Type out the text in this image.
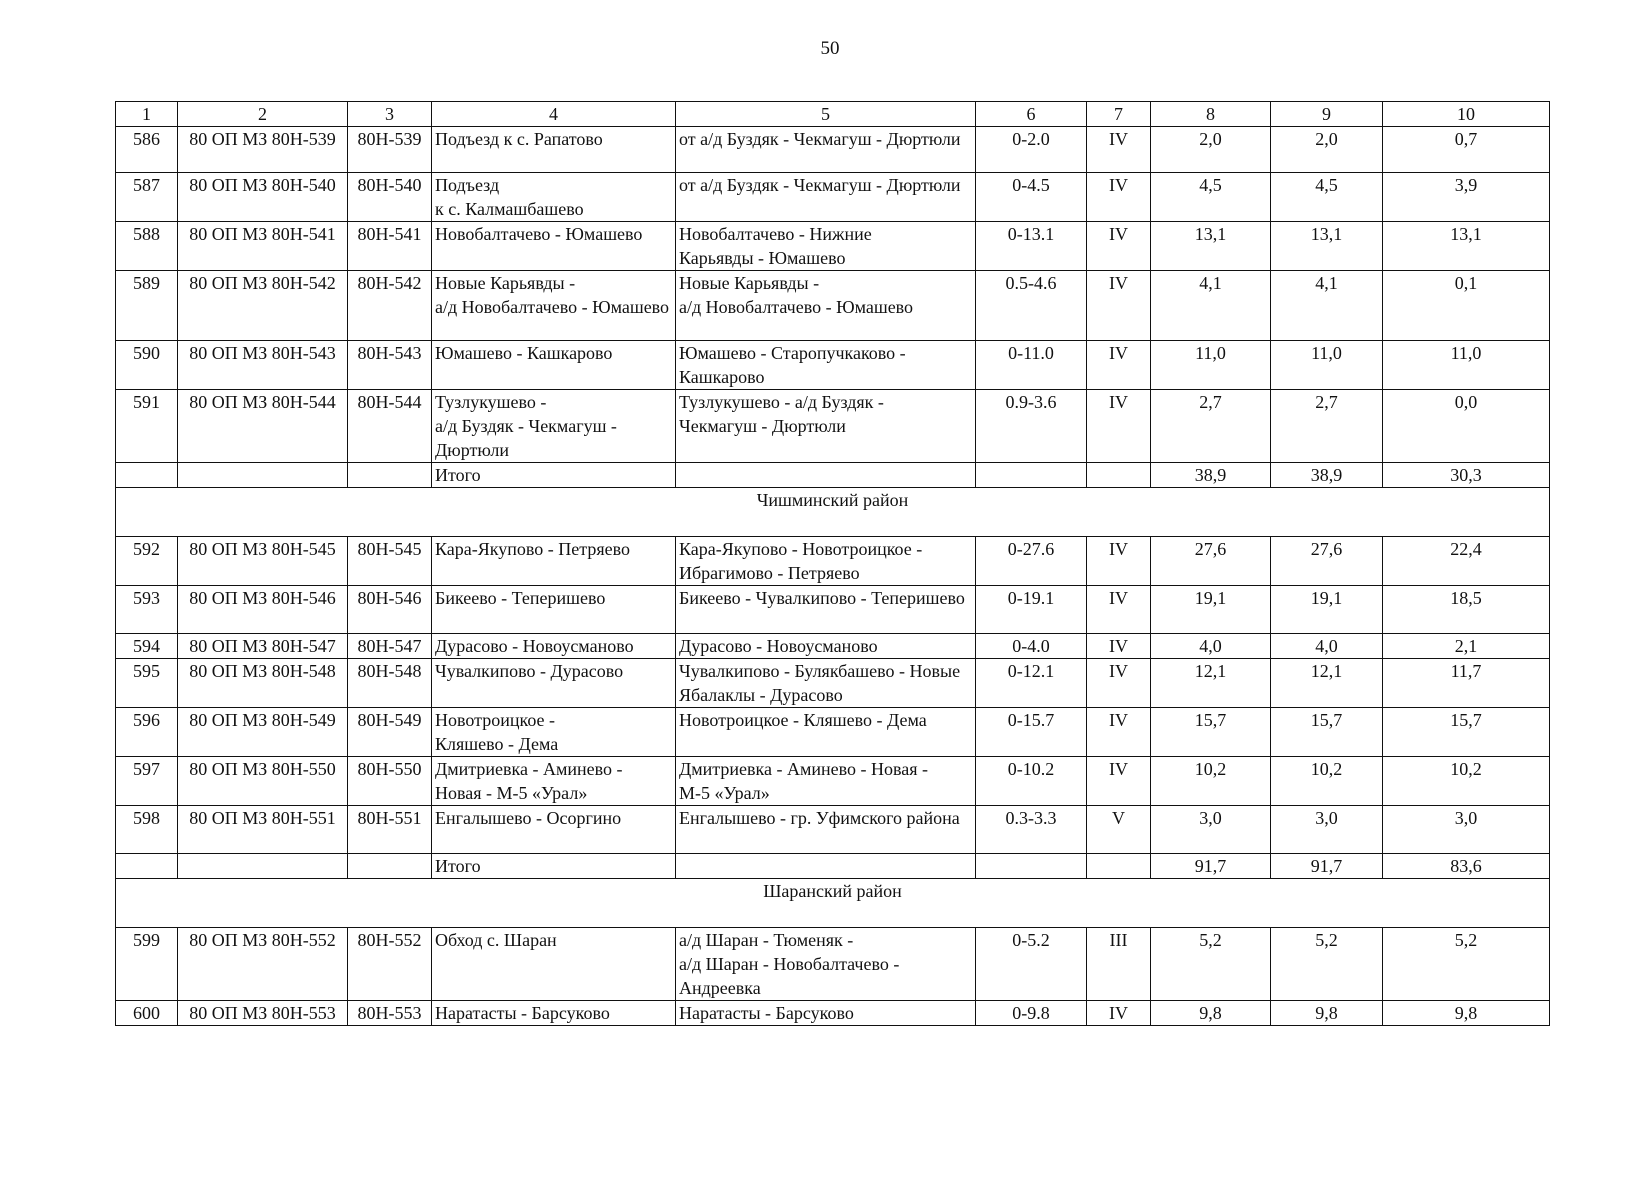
50
1	2	3	4	5	6	7	8	9	10
586	80 ОП МЗ 80Н-539	80Н-539	Подъезд к с. Рапатово	от а/д Буздяк - Чекмагуш - Дюртюли	0-2.0	IV	2,0	2,0	0,7
587	80 ОП МЗ 80Н-540	80Н-540	Подъезд
к с. Калмашбашево	от а/д Буздяк - Чекмагуш - Дюртюли	0-4.5	IV	4,5	4,5	3,9
588	80 ОП МЗ 80Н-541	80Н-541	Новобалтачево - Юмашево	Новобалтачево - Нижние
Карьявды - Юмашево	0-13.1	IV	13,1	13,1	13,1
589	80 ОП МЗ 80Н-542	80Н-542	Новые Карьявды -
а/д Новобалтачево - Юмашево	Новые Карьявды -
а/д Новобалтачево - Юмашево	0.5-4.6	IV	4,1	4,1	0,1
590	80 ОП МЗ 80Н-543	80Н-543	Юмашево - Кашкарово	Юмашево - Старопучкаково -
Кашкарово	0-11.0	IV	11,0	11,0	11,0
591	80 ОП МЗ 80Н-544	80Н-544	Тузлукушево -
а/д Буздяк - Чекмагуш -
Дюртюли	Тузлукушево - а/д Буздяк -
Чекмагуш - Дюртюли	0.9-3.6	IV	2,7	2,7	0,0
			Итого				38,9	38,9	30,3
Чишминский район									
592	80 ОП МЗ 80Н-545	80Н-545	Кара-Якупово - Петряево	Кара-Якупово - Новотроицкое -
Ибрагимово - Петряево	0-27.6	IV	27,6	27,6	22,4
593	80 ОП МЗ 80Н-546	80Н-546	Бикеево - Теперишево	Бикеево - Чувалкипово - Теперишево	0-19.1	IV	19,1	19,1	18,5
594	80 ОП МЗ 80Н-547	80Н-547	Дурасово - Новоусманово	Дурасово - Новоусманово	0-4.0	IV	4,0	4,0	2,1
595	80 ОП МЗ 80Н-548	80Н-548	Чувалкипово - Дурасово	Чувалкипово - Булякбашево - Новые
Ябалаклы - Дурасово	0-12.1	IV	12,1	12,1	11,7
596	80 ОП МЗ 80Н-549	80Н-549	Новотроицкое -
Кляшево - Дема	Новотроицкое - Кляшево - Дема	0-15.7	IV	15,7	15,7	15,7
597	80 ОП МЗ 80Н-550	80Н-550	Дмитриевка - Аминево -
Новая - М-5 «Урал»	Дмитриевка - Аминево - Новая -
М-5 «Урал»	0-10.2	IV	10,2	10,2	10,2
598	80 ОП МЗ 80Н-551	80Н-551	Енгалышево - Осоргино	Енгалышево - гр. Уфимского района	0.3-3.3	V	3,0	3,0	3,0
			Итого				91,7	91,7	83,6
Шаранский район									
599	80 ОП МЗ 80Н-552	80Н-552	Обход с. Шаран	а/д Шаран - Тюменяк -
а/д Шаран - Новобалтачево -
Андреевка	0-5.2	III	5,2	5,2	5,2
600	80 ОП МЗ 80Н-553	80Н-553	Наратасты - Барсуково	Наратасты - Барсуково	0-9.8	IV	9,8	9,8	9,8
